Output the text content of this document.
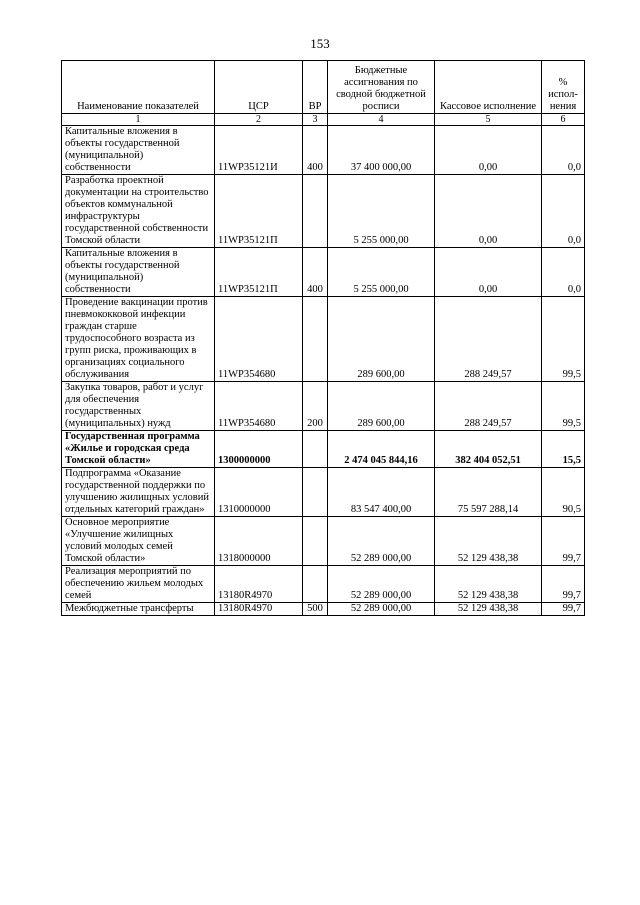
153
Наименование показателей	ЦСР	ВР	Бюджетные ассигнования по сводной бюджетной росписи	Кассовое исполнение	% испол- нения
1	2	3	4	5	6
Капитальные вложения в объекты государственной (муниципальной) собственности	11WP35121И	400	37 400 000,00	0,00	0,0
Разработка проектной документации на строительство объектов коммунальной инфраструктуры государственной собственности Томской области	11WP35121П		5 255 000,00	0,00	0,0
Капитальные вложения в объекты государственной (муниципальной) собственности	11WP35121П	400	5 255 000,00	0,00	0,0
Проведение вакцинации против пневмококковой инфекции граждан старше трудоспособного возраста из групп риска, проживающих в организациях социального обслуживания	11WP354680		289 600,00	288 249,57	99,5
Закупка товаров, работ и услуг для обеспечения государственных (муниципальных) нужд	11WP354680	200	289 600,00	288 249,57	99,5
Государственная программа «Жилье и городская среда Томской области»	1300000000		2 474 045 844,16	382 404 052,51	15,5
Подпрограмма «Оказание государственной поддержки по улучшению жилищных условий отдельных категорий граждан»	1310000000		83 547 400,00	75 597 288,14	90,5
Основное мероприятие «Улучшение жилищных условий молодых семей Томской области»	1318000000		52 289 000,00	52 129 438,38	99,7
Реализация мероприятий по обеспечению жильем молодых семей	13180R4970		52 289 000,00	52 129 438,38	99,7
Межбюджетные трансферты	13180R4970	500	52 289 000,00	52 129 438,38	99,7
